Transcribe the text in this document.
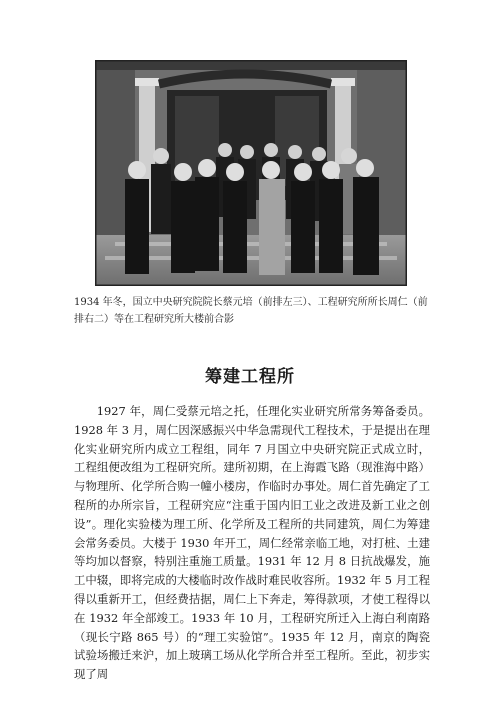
1934 年冬，国立中央研究院院长蔡元培（前排左三）、工程研究所所长周仁（前排右二）等在工程研究所大楼前合影

筹建工程所

1927 年，周仁受蔡元培之托，任理化实业研究所常务筹备委员。1928 年 3 月，周仁因深感振兴中华急需现代工程技术，于是提出在理化实业研究所内成立工程组，同年 7 月国立中央研究院正式成立时，工程组便改组为工程研究所。建所初期，在上海霞飞路（现淮海中路）与物理所、化学所合购一幢小楼房，作临时办事处。周仁首先确定了工程所的办所宗旨，工程研究应“注重于国内旧工业之改进及新工业之创设”。理化实验楼为理工所、化学所及工程所的共同建筑，周仁为筹建会常务委员。大楼于 1930 年开工，周仁经常亲临工地，对打桩、土建等均加以督察，特别注重施工质量。1931 年 12 月 8 日抗战爆发，施工中辍，即将完成的大楼临时改作战时难民收容所。1932 年 5 月工程得以重新开工，但经费拮据，周仁上下奔走，筹得款项，才使工程得以在 1932 年全部竣工。1933 年 10 月，工程研究所迁入上海白利南路（现长宁路 865 号）的“理工实验馆”。1935 年 12 月，南京的陶瓷试验场搬迁来沪，加上玻璃工场从化学所合并至工程所。至此，初步实现了周
